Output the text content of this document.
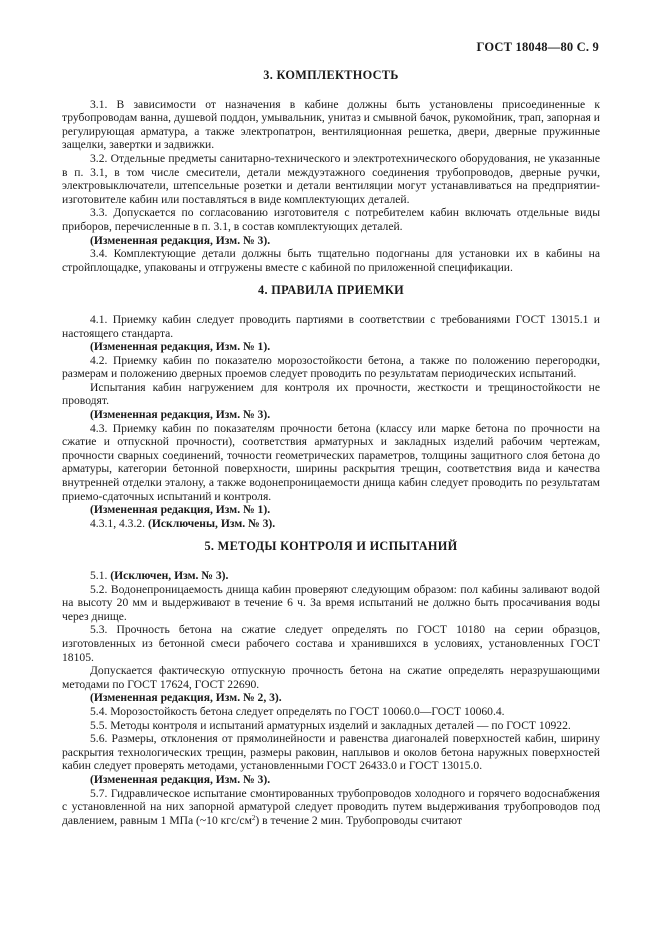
ГОСТ 18048—80 С. 9
3. КОМПЛЕКТНОСТЬ

3.1. В зависимости от назначения в кабине должны быть установлены присоединенные к трубопроводам ванна, душевой поддон, умывальник, унитаз и смывной бачок, рукомойник, трап, запорная и регулирующая арматура, а также электропатрон, вентиляционная решетка, двери, дверные пружинные защелки, завертки и задвижки.

3.2. Отдельные предметы санитарно-технического и электротехнического оборудования, не указанные в п. 3.1, в том числе смесители, детали междуэтажного соединения трубопроводов, дверные ручки, электровыключатели, штепсельные розетки и детали вентиляции могут устанавливаться на предприятии-изготовителе кабин или поставляться в виде комплектующих деталей.

3.3. Допускается по согласованию изготовителя с потребителем кабин включать отдельные виды приборов, перечисленные в п. 3.1, в состав комплектующих деталей.

(Измененная редакция, Изм. № 3).

3.4. Комплектующие детали должны быть тщательно подогнаны для установки их в кабины на стройплощадке, упакованы и отгружены вместе с кабиной по приложенной спецификации.

4. ПРАВИЛА ПРИЕМКИ

4.1. Приемку кабин следует проводить партиями в соответствии с требованиями ГОСТ 13015.1 и настоящего стандарта.

(Измененная редакция, Изм. № 1).

4.2. Приемку кабин по показателю морозостойкости бетона, а также по положению перегородки, размерам и положению дверных проемов следует проводить по результатам периодических испытаний.

Испытания кабин нагружением для контроля их прочности, жесткости и трещиностойкости не проводят.

(Измененная редакция, Изм. № 3).

4.3. Приемку кабин по показателям прочности бетона (классу или марке бетона по прочности на сжатие и отпускной прочности), соответствия арматурных и закладных изделий рабочим чертежам, прочности сварных соединений, точности геометрических параметров, толщины защитного слоя бетона до арматуры, категории бетонной поверхности, ширины раскрытия трещин, соответствия вида и качества внутренней отделки эталону, а также водонепроницаемости днища кабин следует проводить по результатам приемо-сдаточных испытаний и контроля.

(Измененная редакция, Изм. № 1).

4.3.1, 4.3.2. (Исключены, Изм. № 3).

5. МЕТОДЫ КОНТРОЛЯ И ИСПЫТАНИЙ

5.1. (Исключен, Изм. № 3).

5.2. Водонепроницаемость днища кабин проверяют следующим образом: пол кабины заливают водой на высоту 20 мм и выдерживают в течение 6 ч. За время испытаний не должно быть просачивания воды через днище.

5.3. Прочность бетона на сжатие следует определять по ГОСТ 10180 на серии образцов, изготовленных из бетонной смеси рабочего состава и хранившихся в условиях, установленных ГОСТ 18105.

Допускается фактическую отпускную прочность бетона на сжатие определять неразрушающими методами по ГОСТ 17624, ГОСТ 22690.

(Измененная редакция, Изм. № 2, 3).

5.4. Морозостойкость бетона следует определять по ГОСТ 10060.0—ГОСТ 10060.4.

5.5. Методы контроля и испытаний арматурных изделий и закладных деталей — по ГОСТ 10922.

5.6. Размеры, отклонения от прямолинейности и равенства диагоналей поверхностей кабин, ширину раскрытия технологических трещин, размеры раковин, наплывов и околов бетона наружных поверхностей кабин следует проверять методами, установленными ГОСТ 26433.0 и ГОСТ 13015.0.

(Измененная редакция, Изм. № 3).

5.7. Гидравлическое испытание смонтированных трубопроводов холодного и горячего водоснабжения с установленной на них запорной арматурой следует проводить путем выдерживания трубопроводов под давлением, равным 1 МПа (~10 кгс/$см^2$) в течение 2 мин. Трубопроводы считают
